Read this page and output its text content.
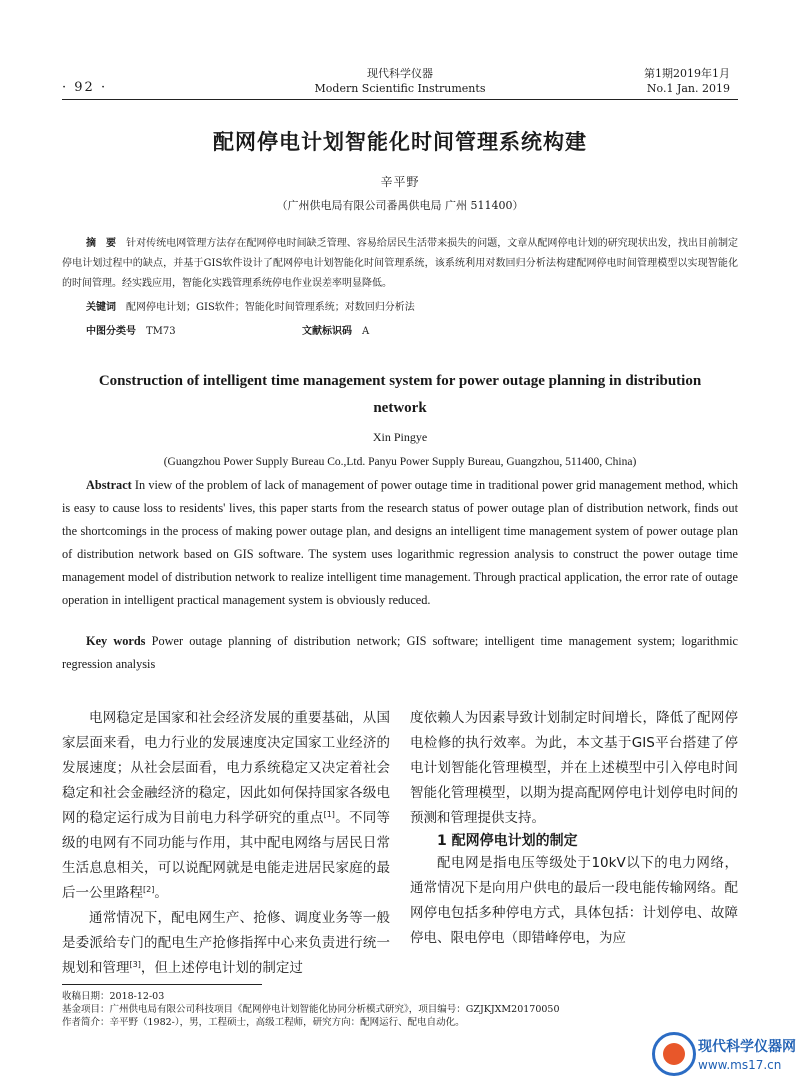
· 92 ·
现代科学仪器
Modern Scientific Instruments
第1期2019年1月
No.1 Jan. 2019
配网停电计划智能化时间管理系统构建
辛平野
（广州供电局有限公司番禺供电局 广州 511400）
摘　要　 针对传统电网管理方法存在配网停电时间缺乏管理、容易给居民生活带来损失的问题，文章从配网停电计划的研究现状出发，找出目前制定停电计划过程中的缺点，并基于GIS软件设计了配网停电计划智能化时间管理系统，该系统利用对数回归分析法构建配网停电时间管理模型以实现智能化的时间管理。经实践应用，智能化实践管理系统停电作业误差率明显降低。
关键词　 配网停电计划；GIS软件；智能化时间管理系统；对数回归分析法
中图分类号　 TM73	文献标识码　 A
Construction of intelligent time management system for power outage planning in distribution network
Xin Pingye
(Guangzhou Power Supply Bureau Co.,Ltd. Panyu Power Supply Bureau, Guangzhou, 511400, China)
Abstract In view of the problem of lack of management of power outage time in traditional power grid management method, which is easy to cause loss to residents' lives, this paper starts from the research status of power outage plan of distribution network, finds out the shortcomings in the process of making power outage plan, and designs an intelligent time management system of power outage plan of distribution network based on GIS software. The system uses logarithmic regression analysis to construct the power outage time management model of distribution network to realize intelligent time management. Through practical application, the error rate of outage operation in intelligent practical management system is obviously reduced.
Key words Power outage planning of distribution network; GIS software; intelligent time management system; logarithmic regression analysis

电网稳定是国家和社会经济发展的重要基础，从国家层面来看，电力行业的发展速度决定国家工业经济的发展速度；从社会层面看，电力系统稳定又决定着社会稳定和社会金融经济的稳定，因此如何保持国家各级电网的稳定运行成为目前电力科学研究的重点[1]。不同等级的电网有不同功能与作用，其中配电网络与居民日常生活息息相关，可以说配网就是电能走进居民家庭的最后一公里路程[2]。

通常情况下，配电网生产、抢修、调度业务等一般是委派给专门的配电生产抢修指挥中心来负责进行统一规划和管理[3]，但上述停电计划的制定过

度依赖人为因素导致计划制定时间增长，降低了配网停电检修的执行效率。为此，本文基于GIS平台搭建了停电计划智能化管理模型，并在上述模型中引入停电时间智能化管理模型，以期为提高配网停电计划停电时间的预测和管理提供支持。

1 配网停电计划的制定

配电网是指电压等级处于10kV以下的电力网络，通常情况下是向用户供电的最后一段电能传输网络。配网停电包括多种停电方式，具体包括：计划停电、故障停电、限电停电（即错峰停电，为应

收稿日期：2018-12-03
基金项目：广州供电局有限公司科技项目《配网停电计划智能化协同分析模式研究》，项目编号：GZJKJXM20170050
作者简介：辛平野（1982-），男，工程硕士，高级工程师，研究方向：配网运行、配电自动化。
现代科学仪器网
www.ms17.cn
